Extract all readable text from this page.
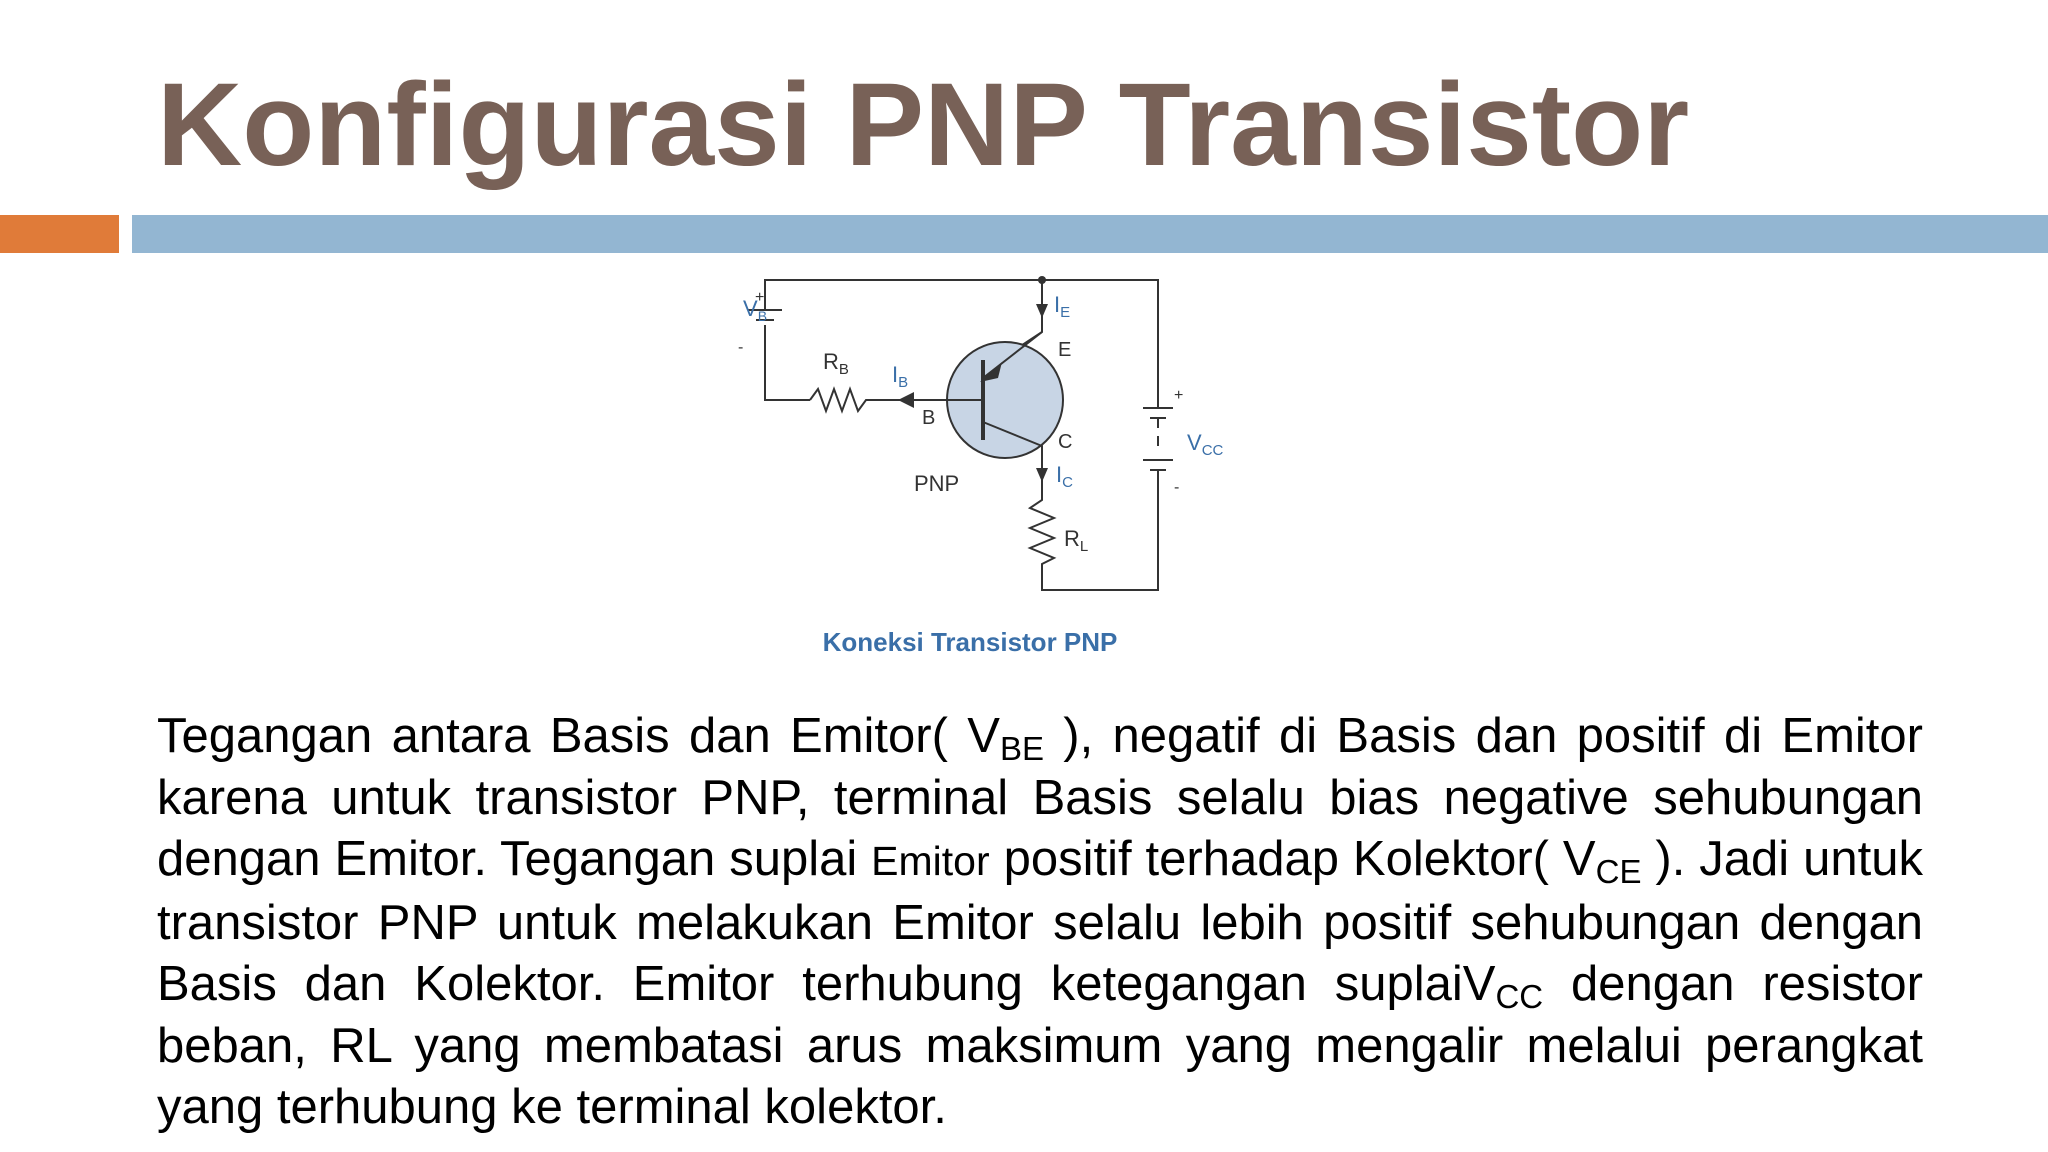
Konfigurasi PNP Transistor
$V_B$
+
-
$R_B$ $I_B$
$I_E$
E
B
C
$I_C$
PNP
$R_L$
+
$V_{CC}$
-
Koneksi Transistor PNP

Tegangan antara Basis dan Emitor( $V_{BE}$ ), negatif di Basis dan positif di Emitor karena untuk transistor PNP, terminal Basis selalu bias negative sehubungan dengan Emitor. Tegangan suplai Emitor positif terhadap Kolektor( $V_{CE}$ ). Jadi untuk transistor PNP untuk melakukan Emitor selalu lebih positif sehubungan dengan Basis dan Kolektor. Emitor terhubung ketegangan suplaiV$_{CC}$ dengan resistor beban, RL yang membatasi arus maksimum yang mengalir melalui perangkat yang terhubung ke terminal kolektor.
